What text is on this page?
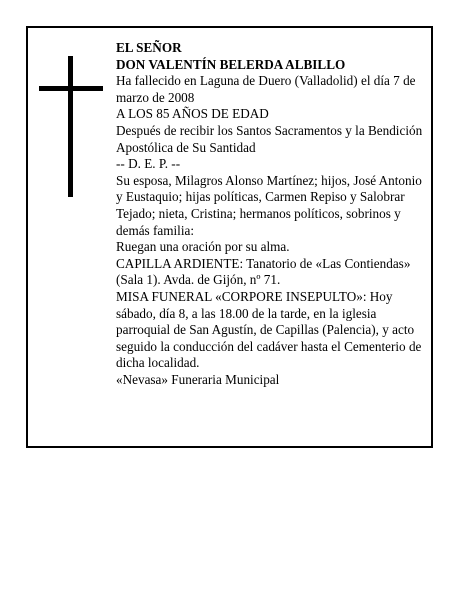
EL SEÑOR

DON VALENTÍN BELERDA ALBILLO

Ha fallecido en Laguna de Duero (Valladolid) el día 7 de marzo de 2008

A LOS 85 AÑOS DE EDAD

Después de recibir los Santos Sacramentos y la Bendición Apostólica de Su Santidad

-- D. E. P. --

Su esposa, Milagros Alonso Martínez; hijos, José Antonio y Eustaquio; hijas políticas, Carmen Repiso y Salobrar Tejado; nieta, Cristina; hermanos políticos, sobrinos y demás familia:

Ruegan una oración por su alma.

CAPILLA ARDIENTE: Tanatorio de «Las Contiendas» (Sala 1). Avda. de Gijón, nº 71.

MISA FUNERAL «CORPORE INSEPULTO»: Hoy sábado, día 8, a las 18.00 de la tarde, en la iglesia parroquial de San Agustín, de Capillas (Palencia), y acto seguido la conducción del cadáver hasta el Cementerio de dicha localidad.

«Nevasa» Funeraria Municipal
